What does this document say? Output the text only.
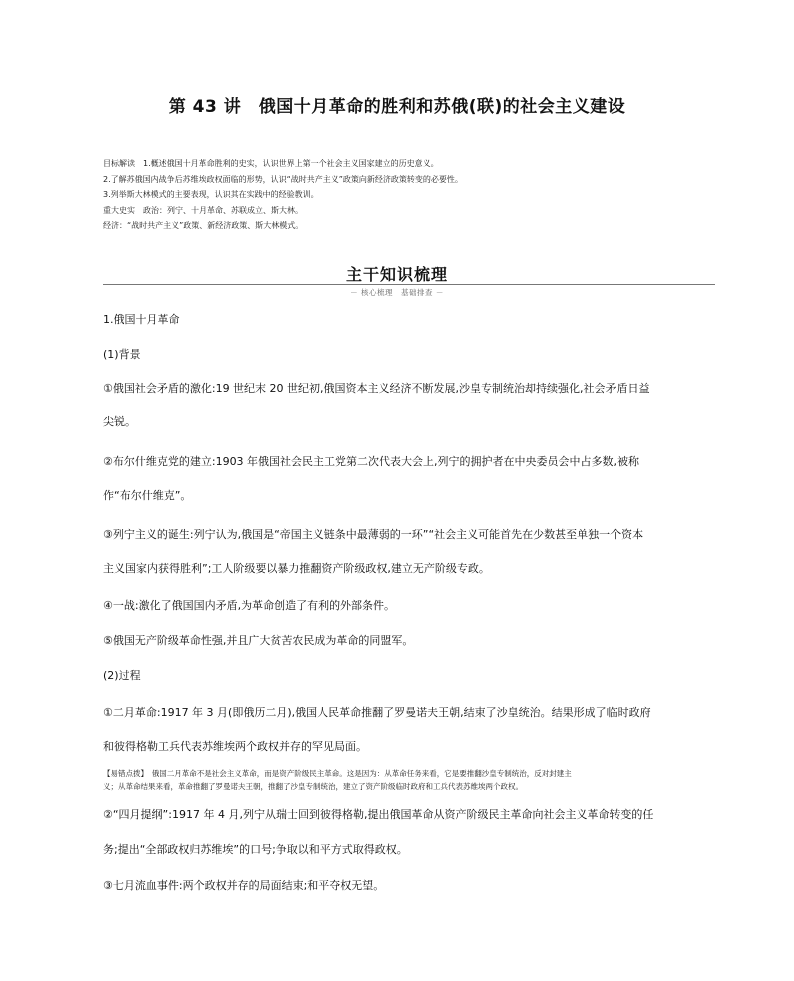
第 43 讲　俄国十月革命的胜利和苏俄(联)的社会主义建设
目标解读　1.概述俄国十月革命胜利的史实，认识世界上第一个社会主义国家建立的历史意义。
2.了解苏俄国内战争后苏维埃政权面临的形势，认识“战时共产主义”政策向新经济政策转变的必要性。
3.列举斯大林模式的主要表现，认识其在实践中的经验教训。
重大史实　政治：列宁、十月革命、苏联成立、斯大林。
经济：“战时共产主义”政策、新经济政策、斯大林模式。
主干知识梳理
－ 核心梳理　基础排查 －
1.俄国十月革命
(1)背景
①俄国社会矛盾的激化:19 世纪末 20 世纪初,俄国资本主义经济不断发展,沙皇专制统治却持续强化,社会矛盾日益
尖锐。
②布尔什维克党的建立:1903 年俄国社会民主工党第二次代表大会上,列宁的拥护者在中央委员会中占多数,被称
作“布尔什维克”。
③列宁主义的诞生:列宁认为,俄国是“帝国主义链条中最薄弱的一环”“社会主义可能首先在少数甚至单独一个资本
主义国家内获得胜利”;工人阶级要以暴力推翻资产阶级政权,建立无产阶级专政。
④一战:激化了俄国国内矛盾,为革命创造了有利的外部条件。
⑤俄国无产阶级革命性强,并且广大贫苦农民成为革命的同盟军。
(2)过程
①二月革命:1917 年 3 月(即俄历二月),俄国人民革命推翻了罗曼诺夫王朝,结束了沙皇统治。结果形成了临时政府
和彼得格勒工兵代表苏维埃两个政权并存的罕见局面。
【易错点拨】　俄国二月革命不是社会主义革命，而是资产阶级民主革命。这是因为：从革命任务来看，它是要推翻沙皇专制统治，反对封建主
义；从革命结果来看，革命推翻了罗曼诺夫王朝，推翻了沙皇专制统治，建立了资产阶级临时政府和工兵代表苏维埃两个政权。
②“四月提纲”:1917 年 4 月,列宁从瑞士回到彼得格勒,提出俄国革命从资产阶级民主革命向社会主义革命转变的任
务;提出“全部政权归苏维埃”的口号;争取以和平方式取得政权。
③七月流血事件:两个政权并存的局面结束;和平夺权无望。
